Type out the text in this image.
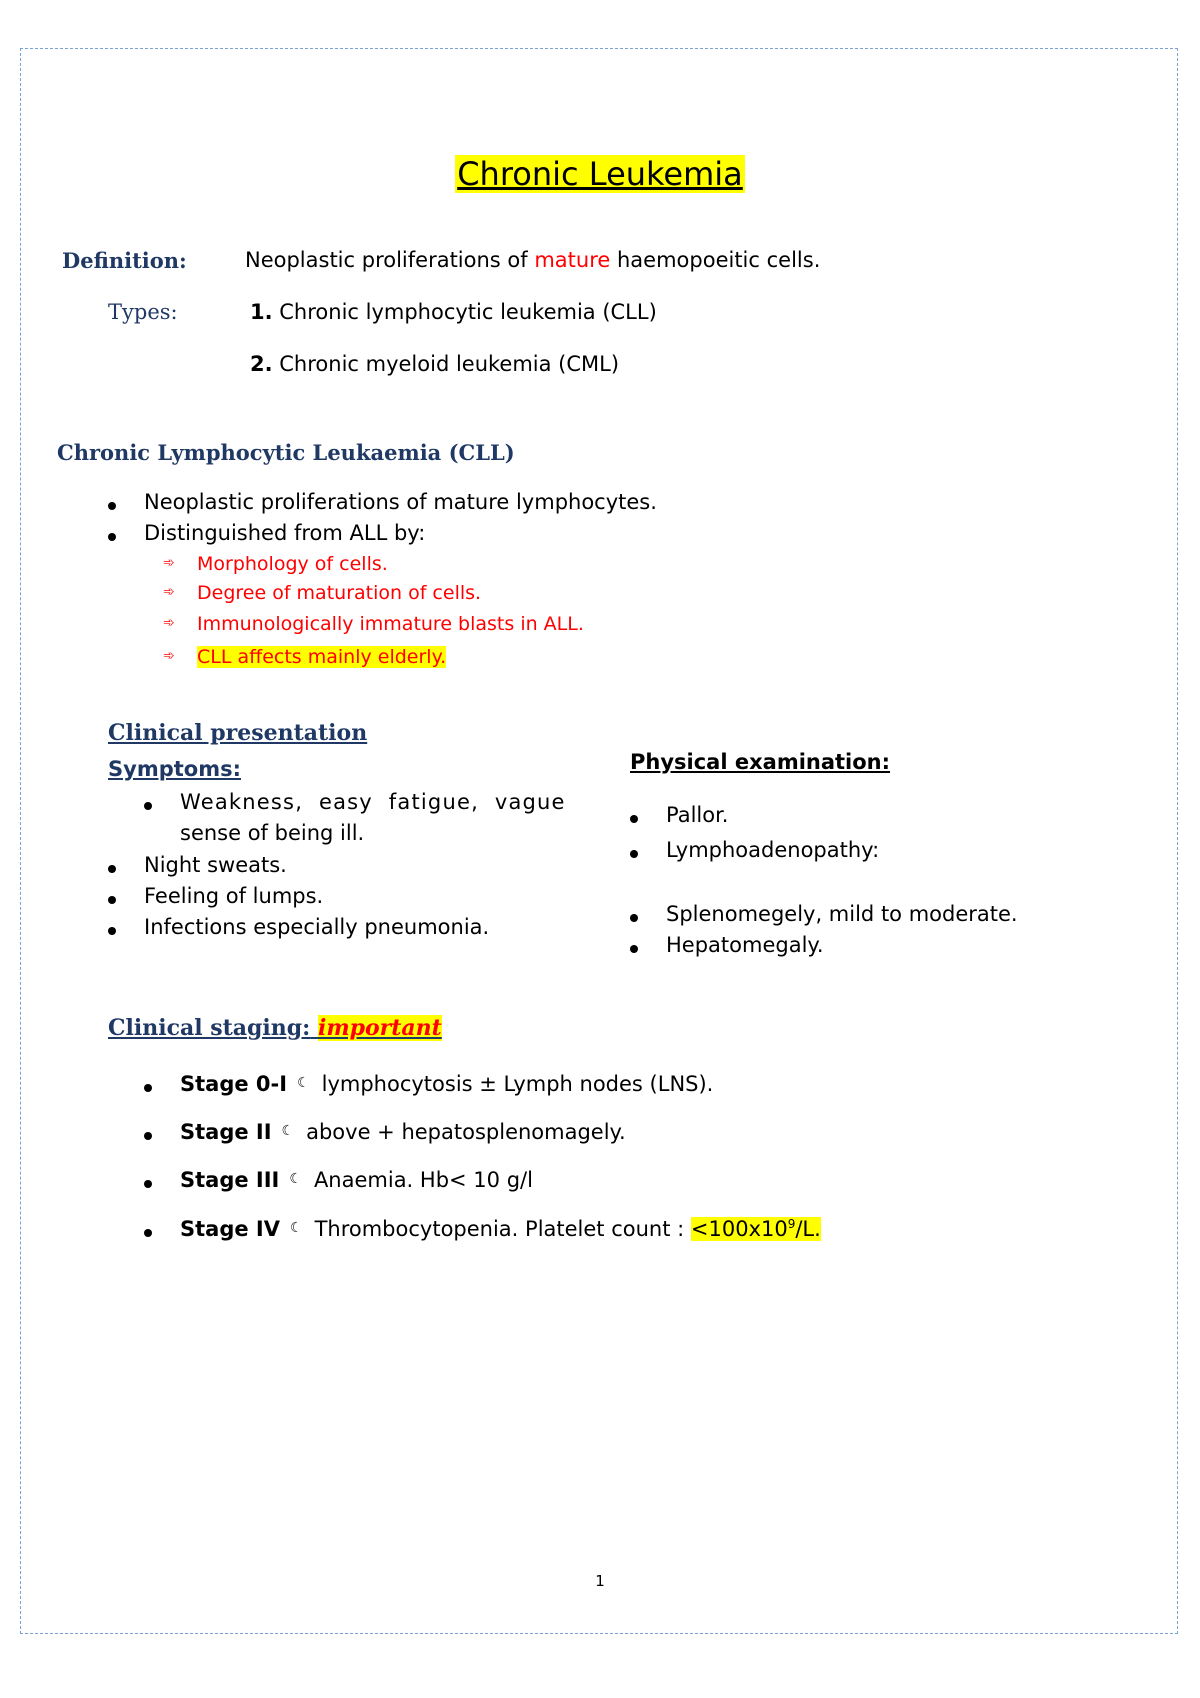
Chronic Leukemia
Definition:	Neoplastic proliferations of mature haemopoeitic cells.
Types:	1. Chronic lymphocytic leukemia (CLL)
2. Chronic myeloid leukemia (CML)
Chronic Lymphocytic Leukaemia (CLL)
Neoplastic proliferations of mature lymphocytes.
Distinguished from ALL by:
➾ Morphology of cells.
➾ Degree of maturation of cells.
➾ Immunologically immature blasts in ALL.
➾ CLL affects mainly elderly.
Clinical presentation
Symptoms:
Weakness, easy fatigue, vague
sense of being ill.
Night sweats.
Feeling of lumps.
Infections especially pneumonia.
Physical examination:
Pallor.
Lymphoadenopathy:
Splenomegely, mild to moderate.
Hepatomegaly.
Clinical staging: important
Stage 0-I ☾ lymphocytosis ± Lymph nodes (LNS).
Stage II ☾ above + hepatosplenomagely.
Stage III ☾ Anaemia. Hb< 10 g/l
Stage IV ☾ Thrombocytopenia. Platelet count : $<100x10^9/L$.
1
